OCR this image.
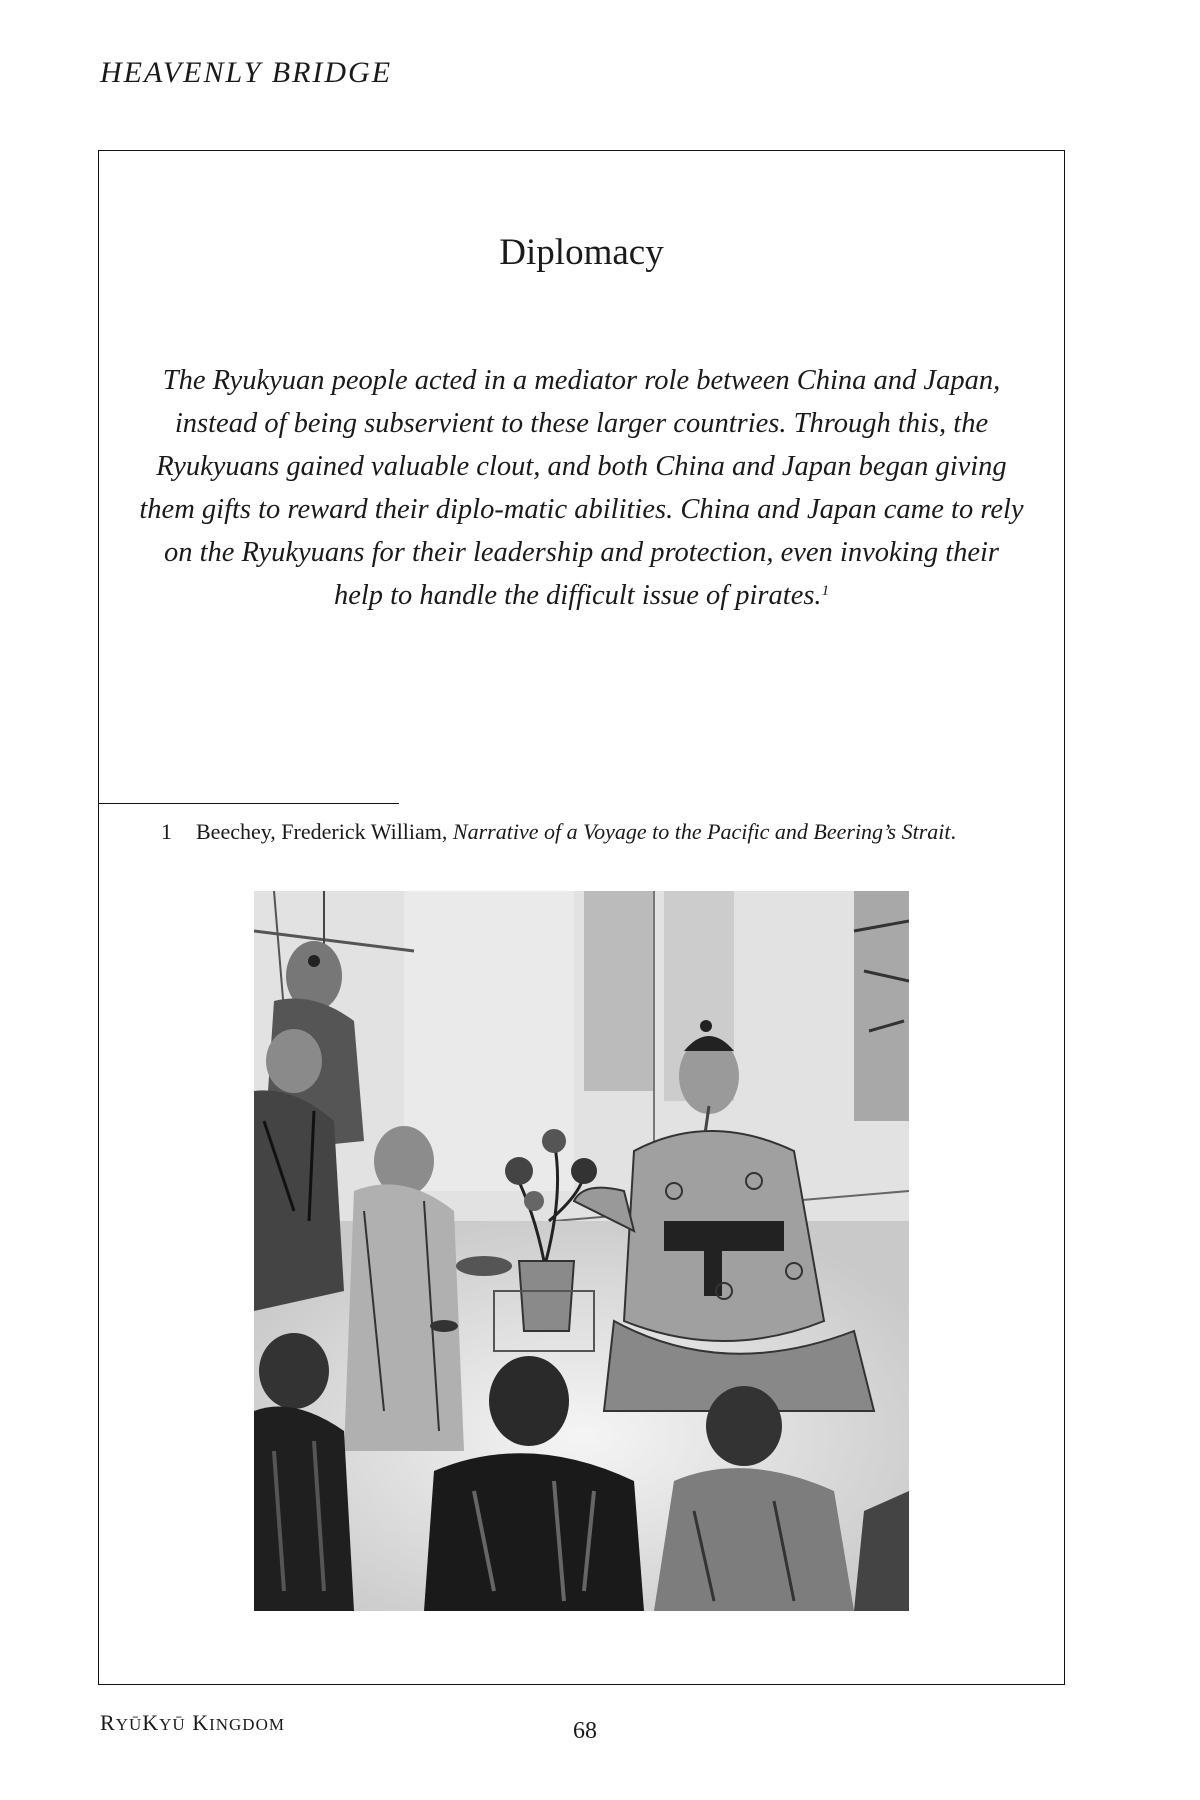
HEAVENLY BRIDGE
Diplomacy
The Ryukyuan people acted in a mediator role between China and Japan, instead of being subservient to these larger countries. Through this, the Ryukyuans gained valuable clout, and both China and Japan began giving them gifts to reward their diplo-matic abilities. China and Japan came to rely on the Ryukyuans for their leadership and protection, even invoking their help to handle the difficult issue of pirates.$^1$
1 Beechey, Frederick William, Narrative of a Voyage to the Pacific and Beering’s Strait.
RYŪKYŪ KINGDOM	68
